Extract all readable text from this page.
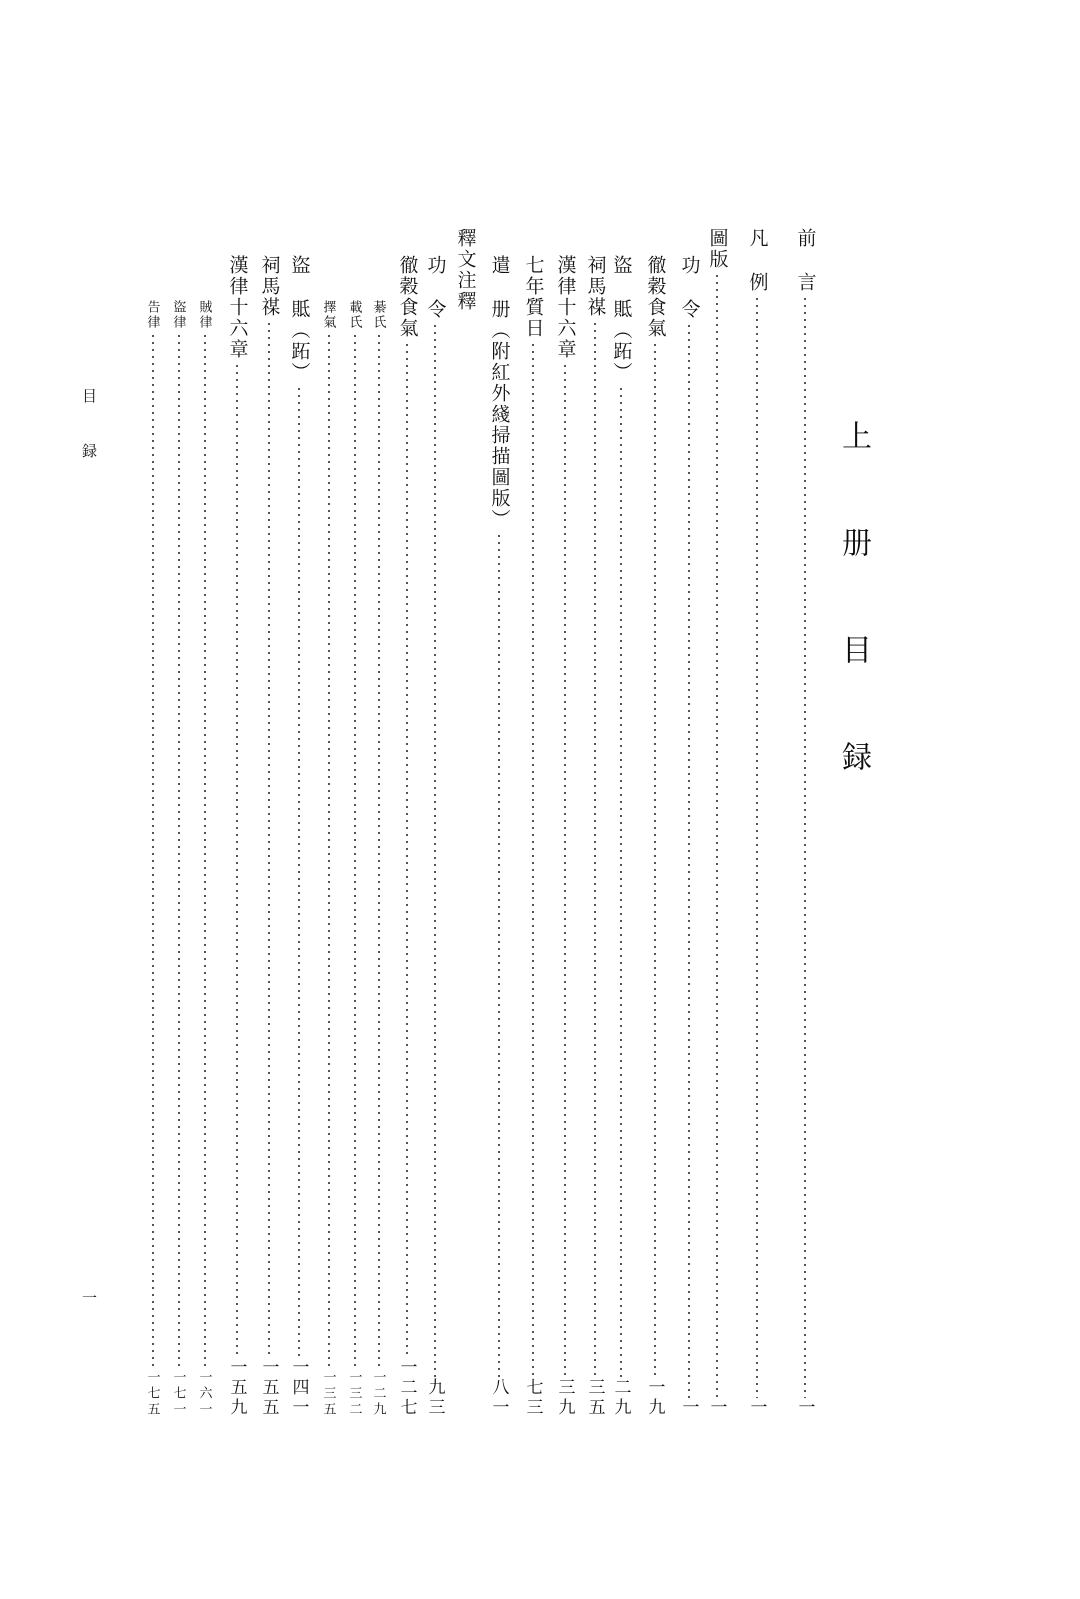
上 册 目 録
目 録
一
前 言
一
凡 例
一
圖版
一
功 令
一
徹穀食氣
一九
盜 貾（跖）
二九
祠馬禖
三五
漢律十六章
三九
七年質日
七三
遣 册（附紅外綫掃描圖版）
八一
釋文注釋
功 令
九三
徹穀食氣
一二七
綦氏
一二九
載氏
一三二
擇氣
一三五
盜 貾（跖）
一四一
祠馬禖
一五五
漢律十六章
一五九
賊律
一六一
盜律
一七一
告律
一七五
